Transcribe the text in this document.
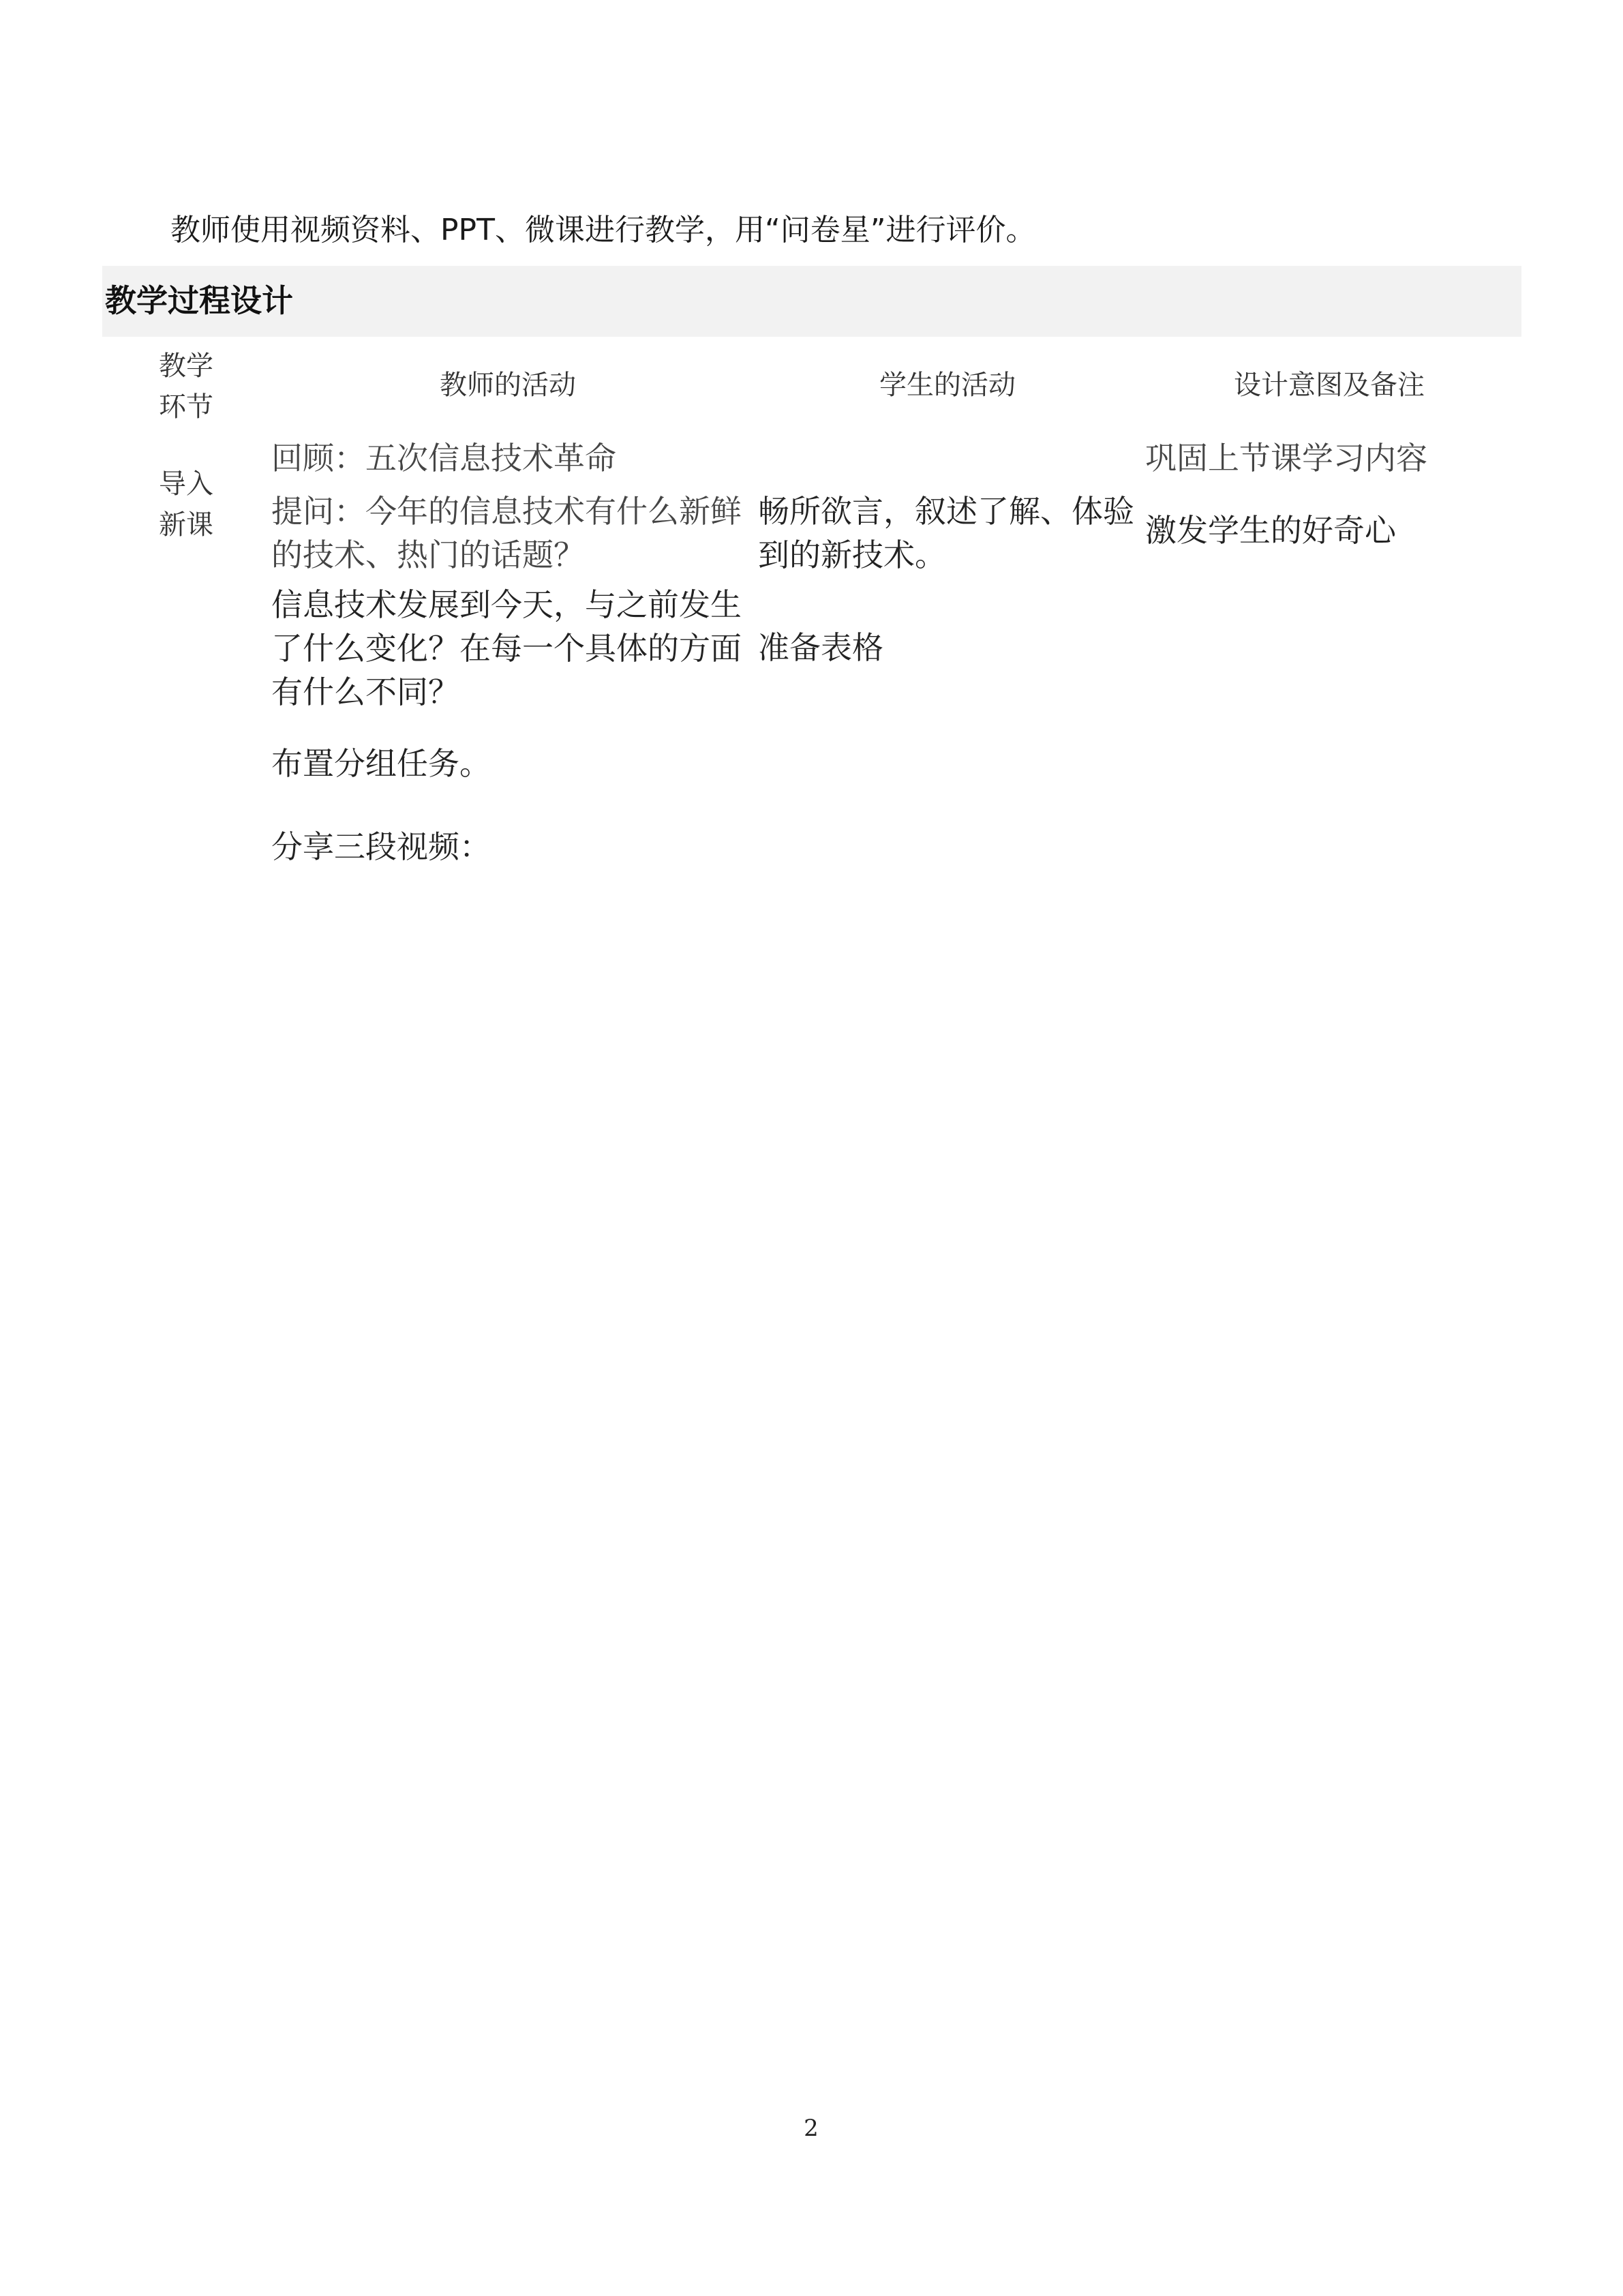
教师使用视频资料、PPT、微课进行教学，用“问卷星”进行评价。
教学过程设计
教学
环节
教师的活动	学生的活动	设计意图及备注
导入
新课
回顾：五次信息技术革命
提问：今年的信息技术有什么新鲜的技术、热门的话题？
信息技术发展到今天，与之前发生了什么变化？在每一个具体的方面有什么不同？
布置分组任务。
分享三段视频：
畅所欲言，叙述了解、体验到的新技术。
准备表格
巩固上节课学习内容
激发学生的好奇心
2
